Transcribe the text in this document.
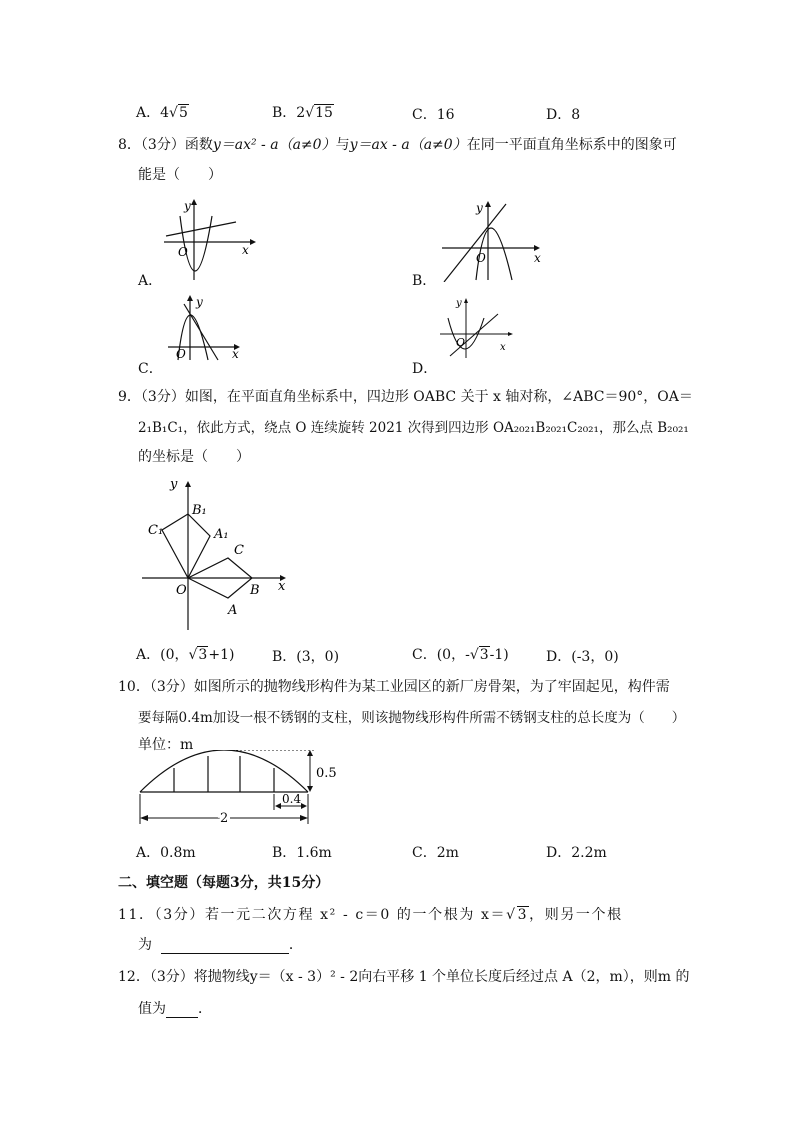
A．4√5	B．2√15	C．16	D．8
8．（3分）函数y＝ax² - a（a≠0）与y＝ax - a（a≠0）在同一平面直角坐标系中的图象可
能是（　　）
y
x
O
A．
y
x
O
B．
y
x
O
C．
y
x
O
D．
9．（3分）如图，在平面直角坐标系中，四边形 OABC 关于 x 轴对称，∠ABC＝90°，OA＝
2₁B₁C₁，依此方式，绕点 O 连续旋转 2021 次得到四边形 OA₂₀₂₁B₂₀₂₁C₂₀₂₁，那么点 B₂₀₂₁
的坐标是（　　）
y
x
O
A
B
C
A₁
B₁
C₁
A．(0，√3+1)	B．(3，0)	C．(0，-√3-1)	D．(-3，0)
10．（3分）如图所示的抛物线形构件为某工业园区的新厂房骨架，为了牢固起见，构件需
要每隔0.4m加设一根不锈钢的支柱，则该抛物线形构件所需不锈钢支柱的总长度为（　　）
单位：m
0.5
2
0.4
A．0.8m	B．1.6m	C．2m	D．2.2m
二、填空题（每题3分，共15分）
11．（3分）若一元二次方程 x² - c＝0 的一个根为 x＝√3，则另一个根
为	．
12．（3分）将抛物线y＝（x - 3）² - 2向右平移 1 个单位长度后经过点 A（2，m），则m 的
值为 ．
